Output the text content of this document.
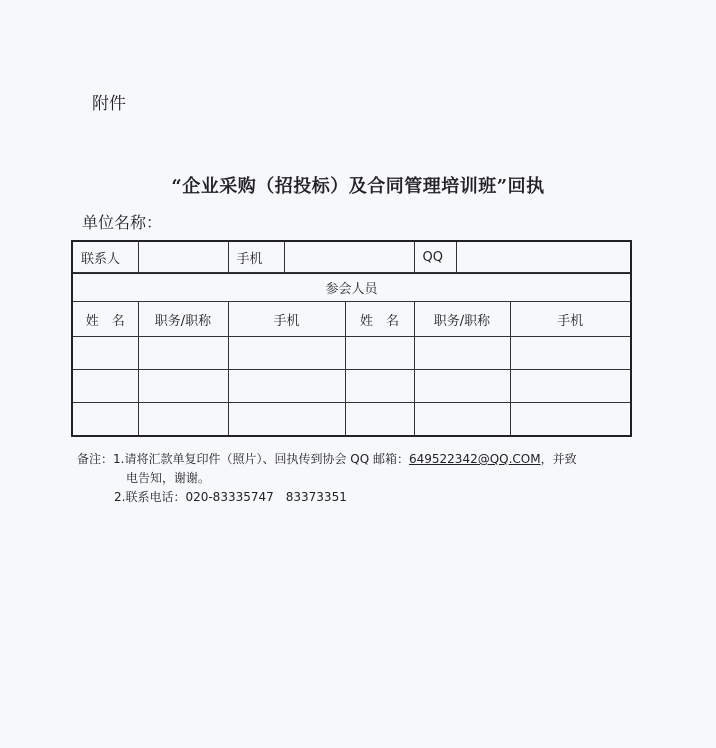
附件
“企业采购（招投标）及合同管理培训班”回执
单位名称：
联系人		手机		QQ	
参会人员					
姓　名	职务/职称	手机	姓　名	职务/职称	手机

备注：1.请将汇款单复印件（照片）、回执传到协会 QQ 邮箱：649522342@QQ.COM，并致
电告知，谢谢。
2.联系电话：020-83335747　83373351
